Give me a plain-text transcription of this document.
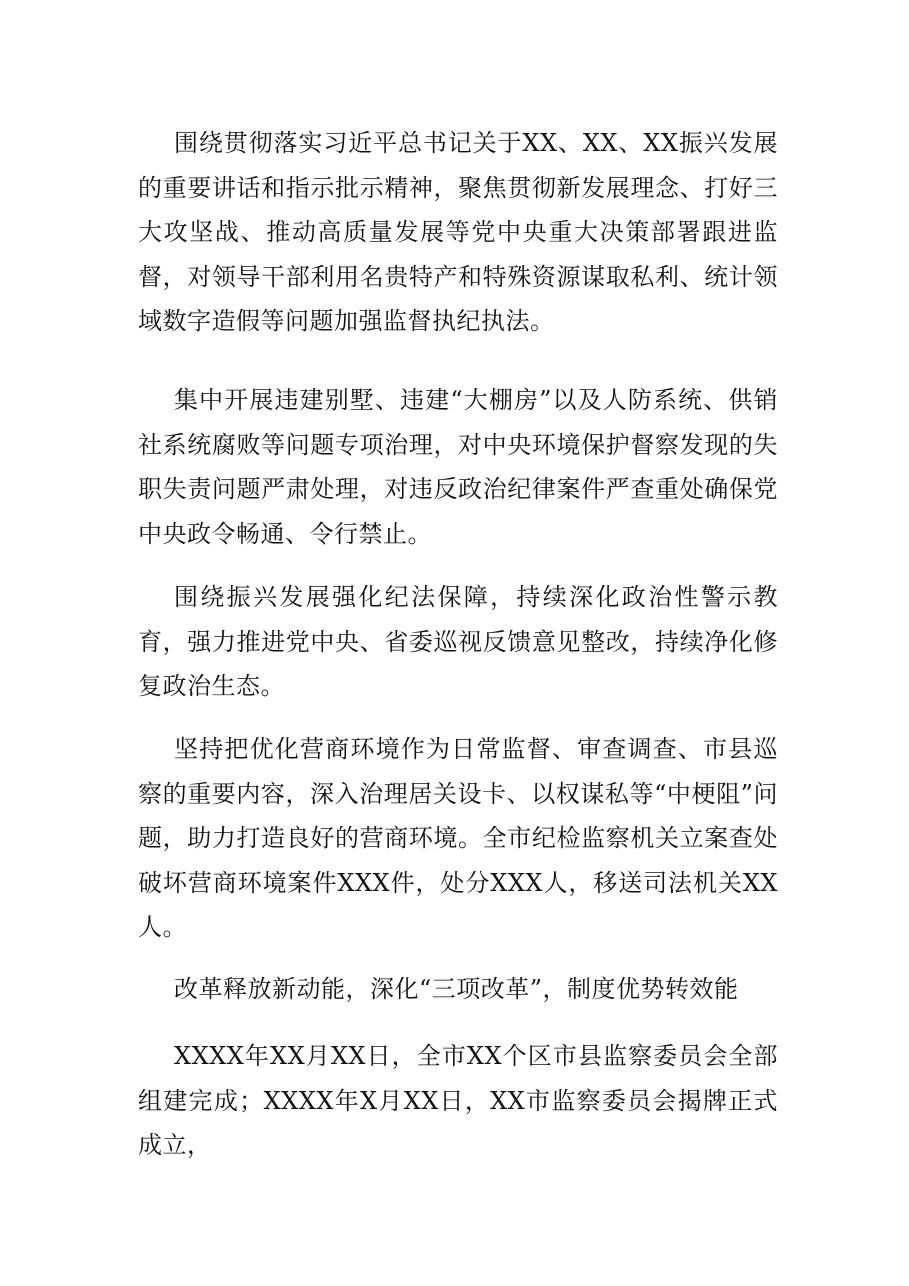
围绕贯彻落实习近平总书记关于XX、XX、XX振兴发展的重要讲话和指示批示精神，聚焦贯彻新发展理念、打好三大攻坚战、推动高质量发展等党中央重大决策部署跟进监督，对领导干部利用名贵特产和特殊资源谋取私利、统计领域数字造假等问题加强监督执纪执法。

集中开展违建别墅、违建“大棚房”以及人防系统、供销社系统腐败等问题专项治理，对中央环境保护督察发现的失职失责问题严肃处理，对违反政治纪律案件严查重处确保党中央政令畅通、令行禁止。

围绕振兴发展强化纪法保障，持续深化政治性警示教育，强力推进党中央、省委巡视反馈意见整改，持续净化修复政治生态。

坚持把优化营商环境作为日常监督、审查调查、市县巡察的重要内容，深入治理居关设卡、以权谋私等“中梗阻”问题，助力打造良好的营商环境。全市纪检监察机关立案查处破坏营商环境案件XXX件，处分XXX人，移送司法机关XX人。

改革释放新动能，深化“三项改革”，制度优势转效能

XXXX年XX月XX日，全市XX个区市县监察委员会全部组建完成；XXXX年X月XX日，XX市监察委员会揭牌正式成立，
